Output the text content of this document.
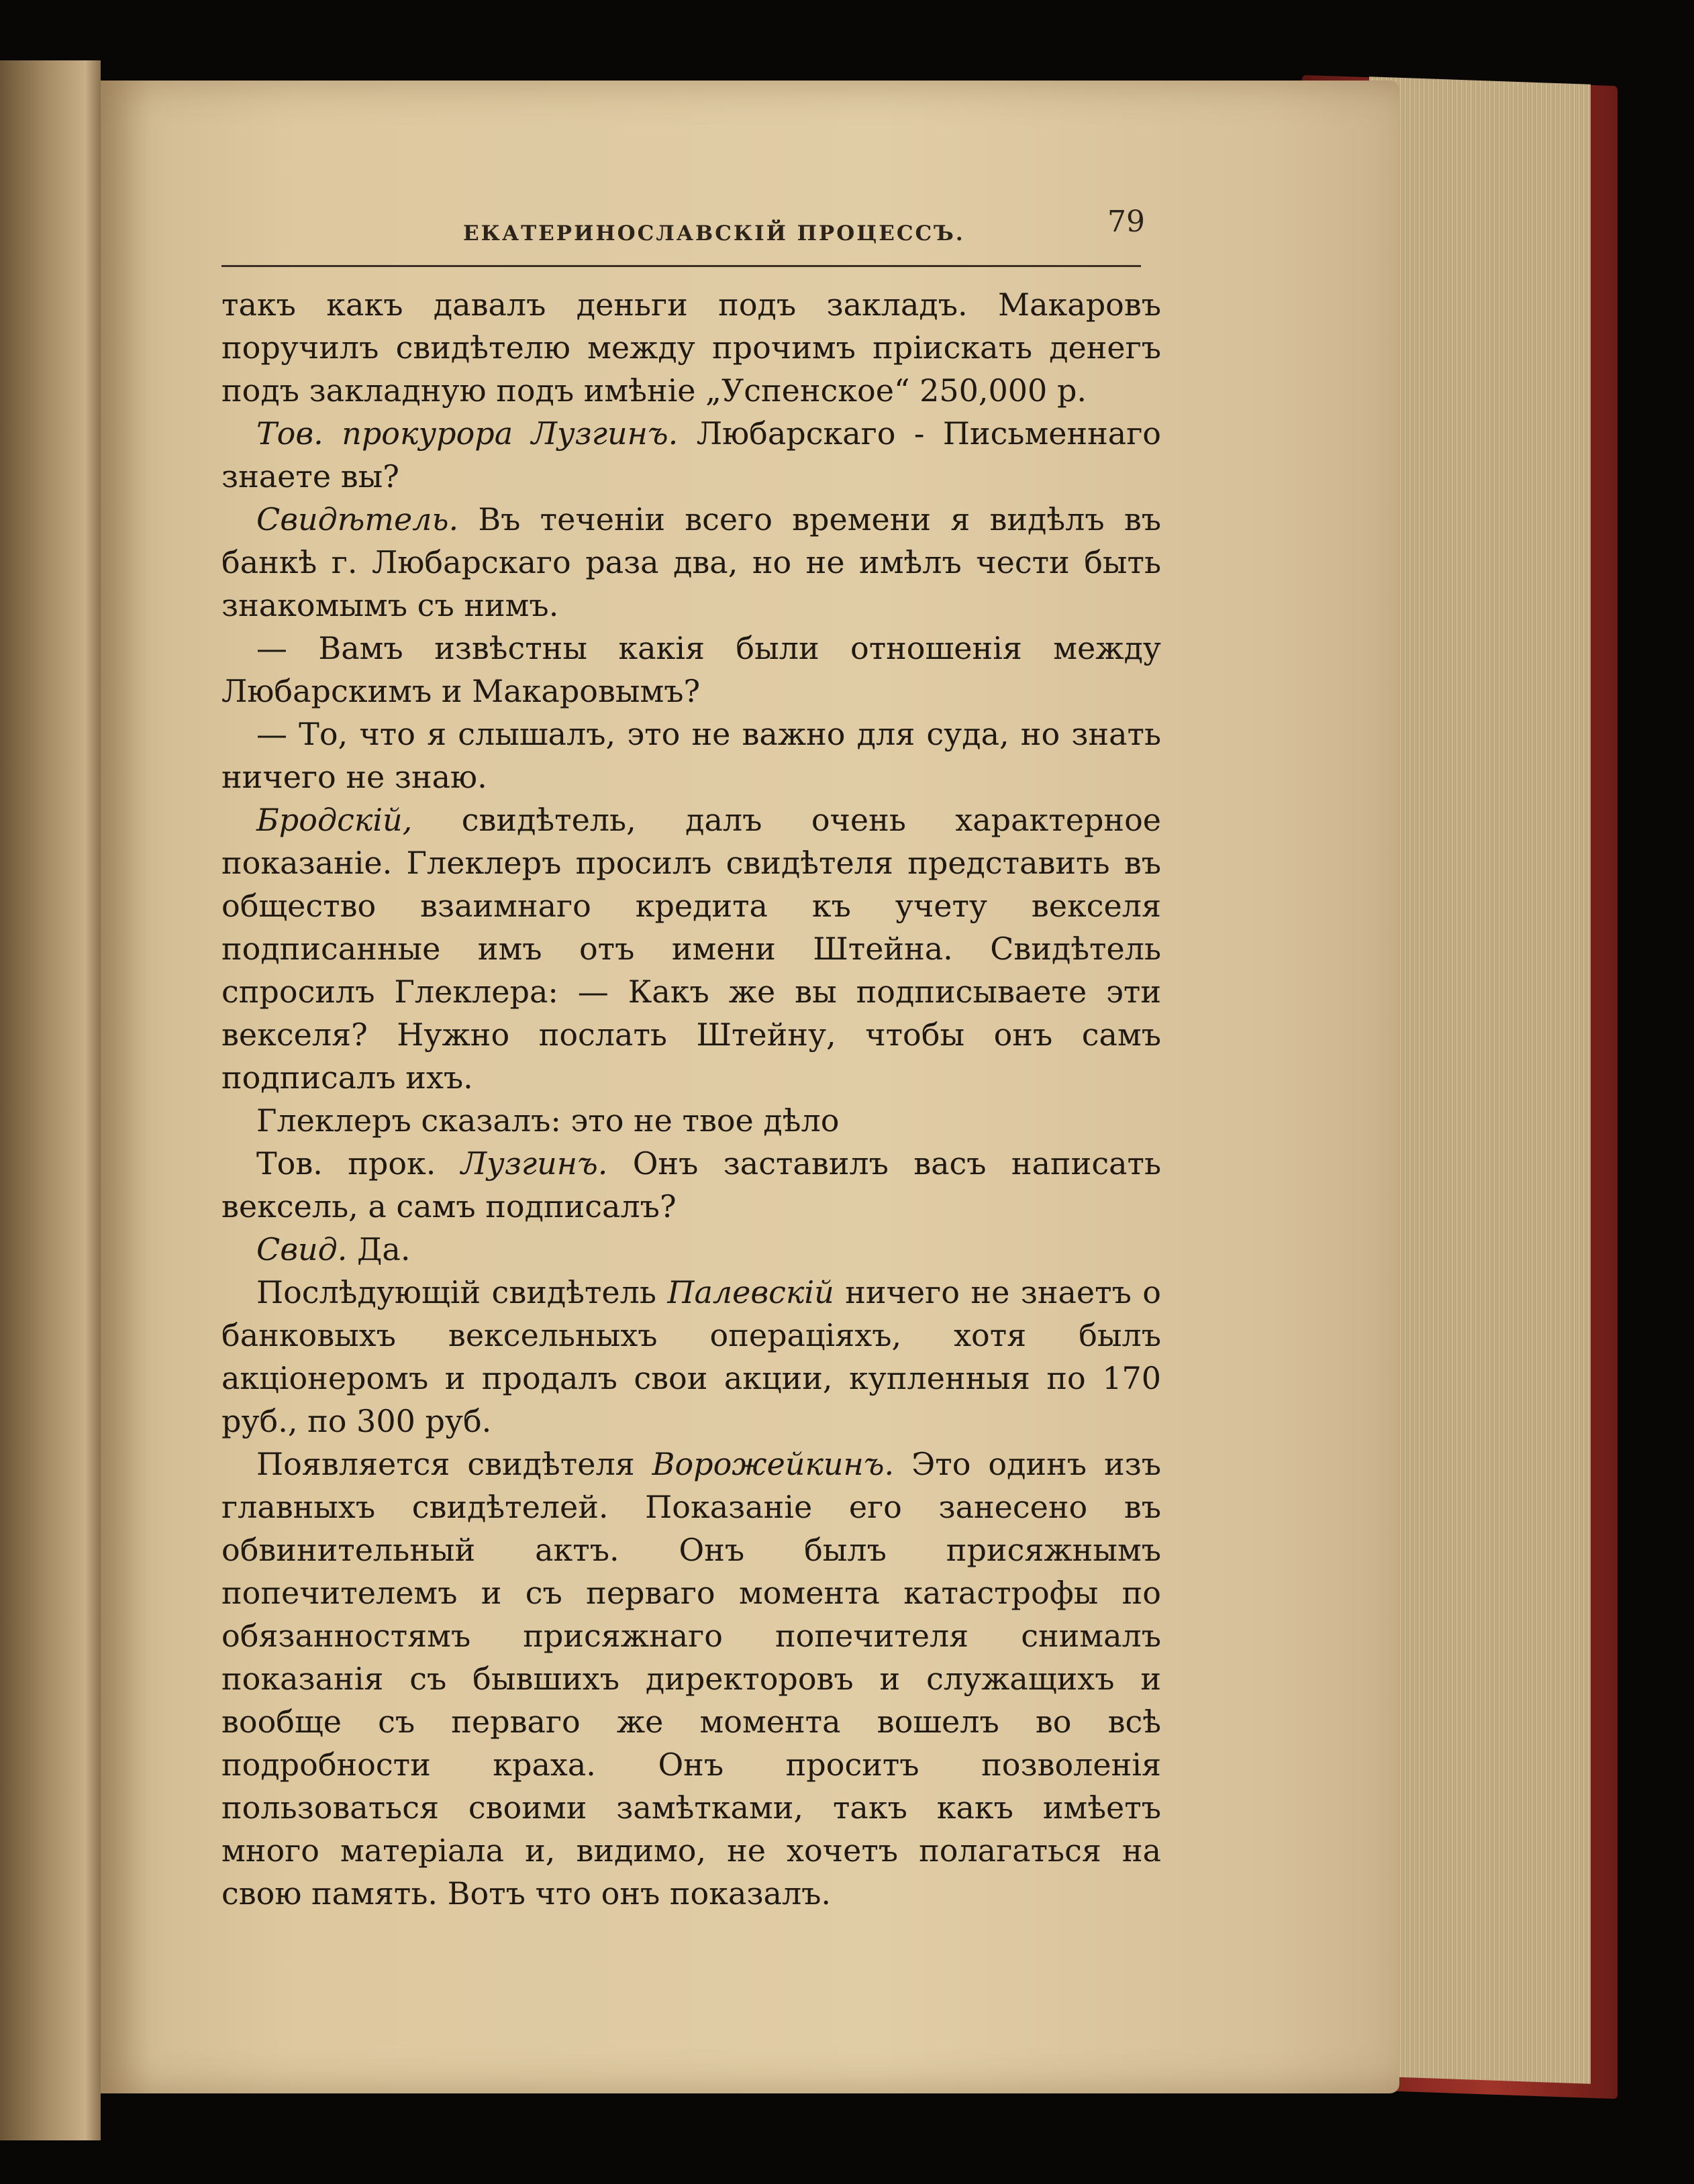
ЕКАТЕРИНОСЛАВСКІЙ ПРОЦЕССЪ.	79

такъ какъ давалъ деньги подъ закладъ. Макаровъ поручилъ свидѣтелю между прочимъ прiискать денегъ подъ закладную подъ имѣнiе „Успенское“ 250,000 р.

Тов. прокурора Лузгинъ. Любарскаго - Письменнаго знаете вы?

Свидѣтель. Въ теченiи всего времени я видѣлъ въ банкѣ г. Любарскаго раза два, но не имѣлъ чести быть знакомымъ съ нимъ.

— Вамъ извѣстны какiя были отношенiя между Любарскимъ и Макаровымъ?

— То, что я слышалъ, это не важно для суда, но знать ничего не знаю.

Бродскiй, свидѣтель, далъ очень характерное показанiе. Глеклеръ просилъ свидѣтеля представить въ общество взаимнаго кредита къ учету векселя подписанные имъ отъ имени Штейна. Свидѣтель спросилъ Глеклера: — Какъ же вы подписываете эти векселя? Нужно послать Штейну, чтобы онъ самъ подписалъ ихъ.

Глеклеръ сказалъ: это не твое дѣло

Тов. прок. Лузгинъ. Онъ заставилъ васъ написать вексель, а самъ подписалъ?

Свид. Да.

Послѣдующiй свидѣтель Палевскiй ничего не знаетъ о банковыхъ вексельныхъ операцiяхъ, хотя былъ акцiонеромъ и продалъ свои акции, купленныя по 170 руб., по 300 руб.

Появляется свидѣтеля Ворожейкинъ. Это одинъ изъ главныхъ свидѣтелей. Показанiе его занесено въ обвинительный актъ. Онъ былъ присяжнымъ попечителемъ и съ перваго момента катастрофы по обязанностямъ присяжнаго попечителя снималъ показанiя съ бывшихъ директоровъ и служащихъ и вообще съ перваго же момента вошелъ во всѣ подробности краха. Онъ проситъ позволенiя пользоваться своими замѣтками, такъ какъ имѣетъ много матерiала и, видимо, не хочетъ полагаться на свою память. Вотъ что онъ показалъ.
